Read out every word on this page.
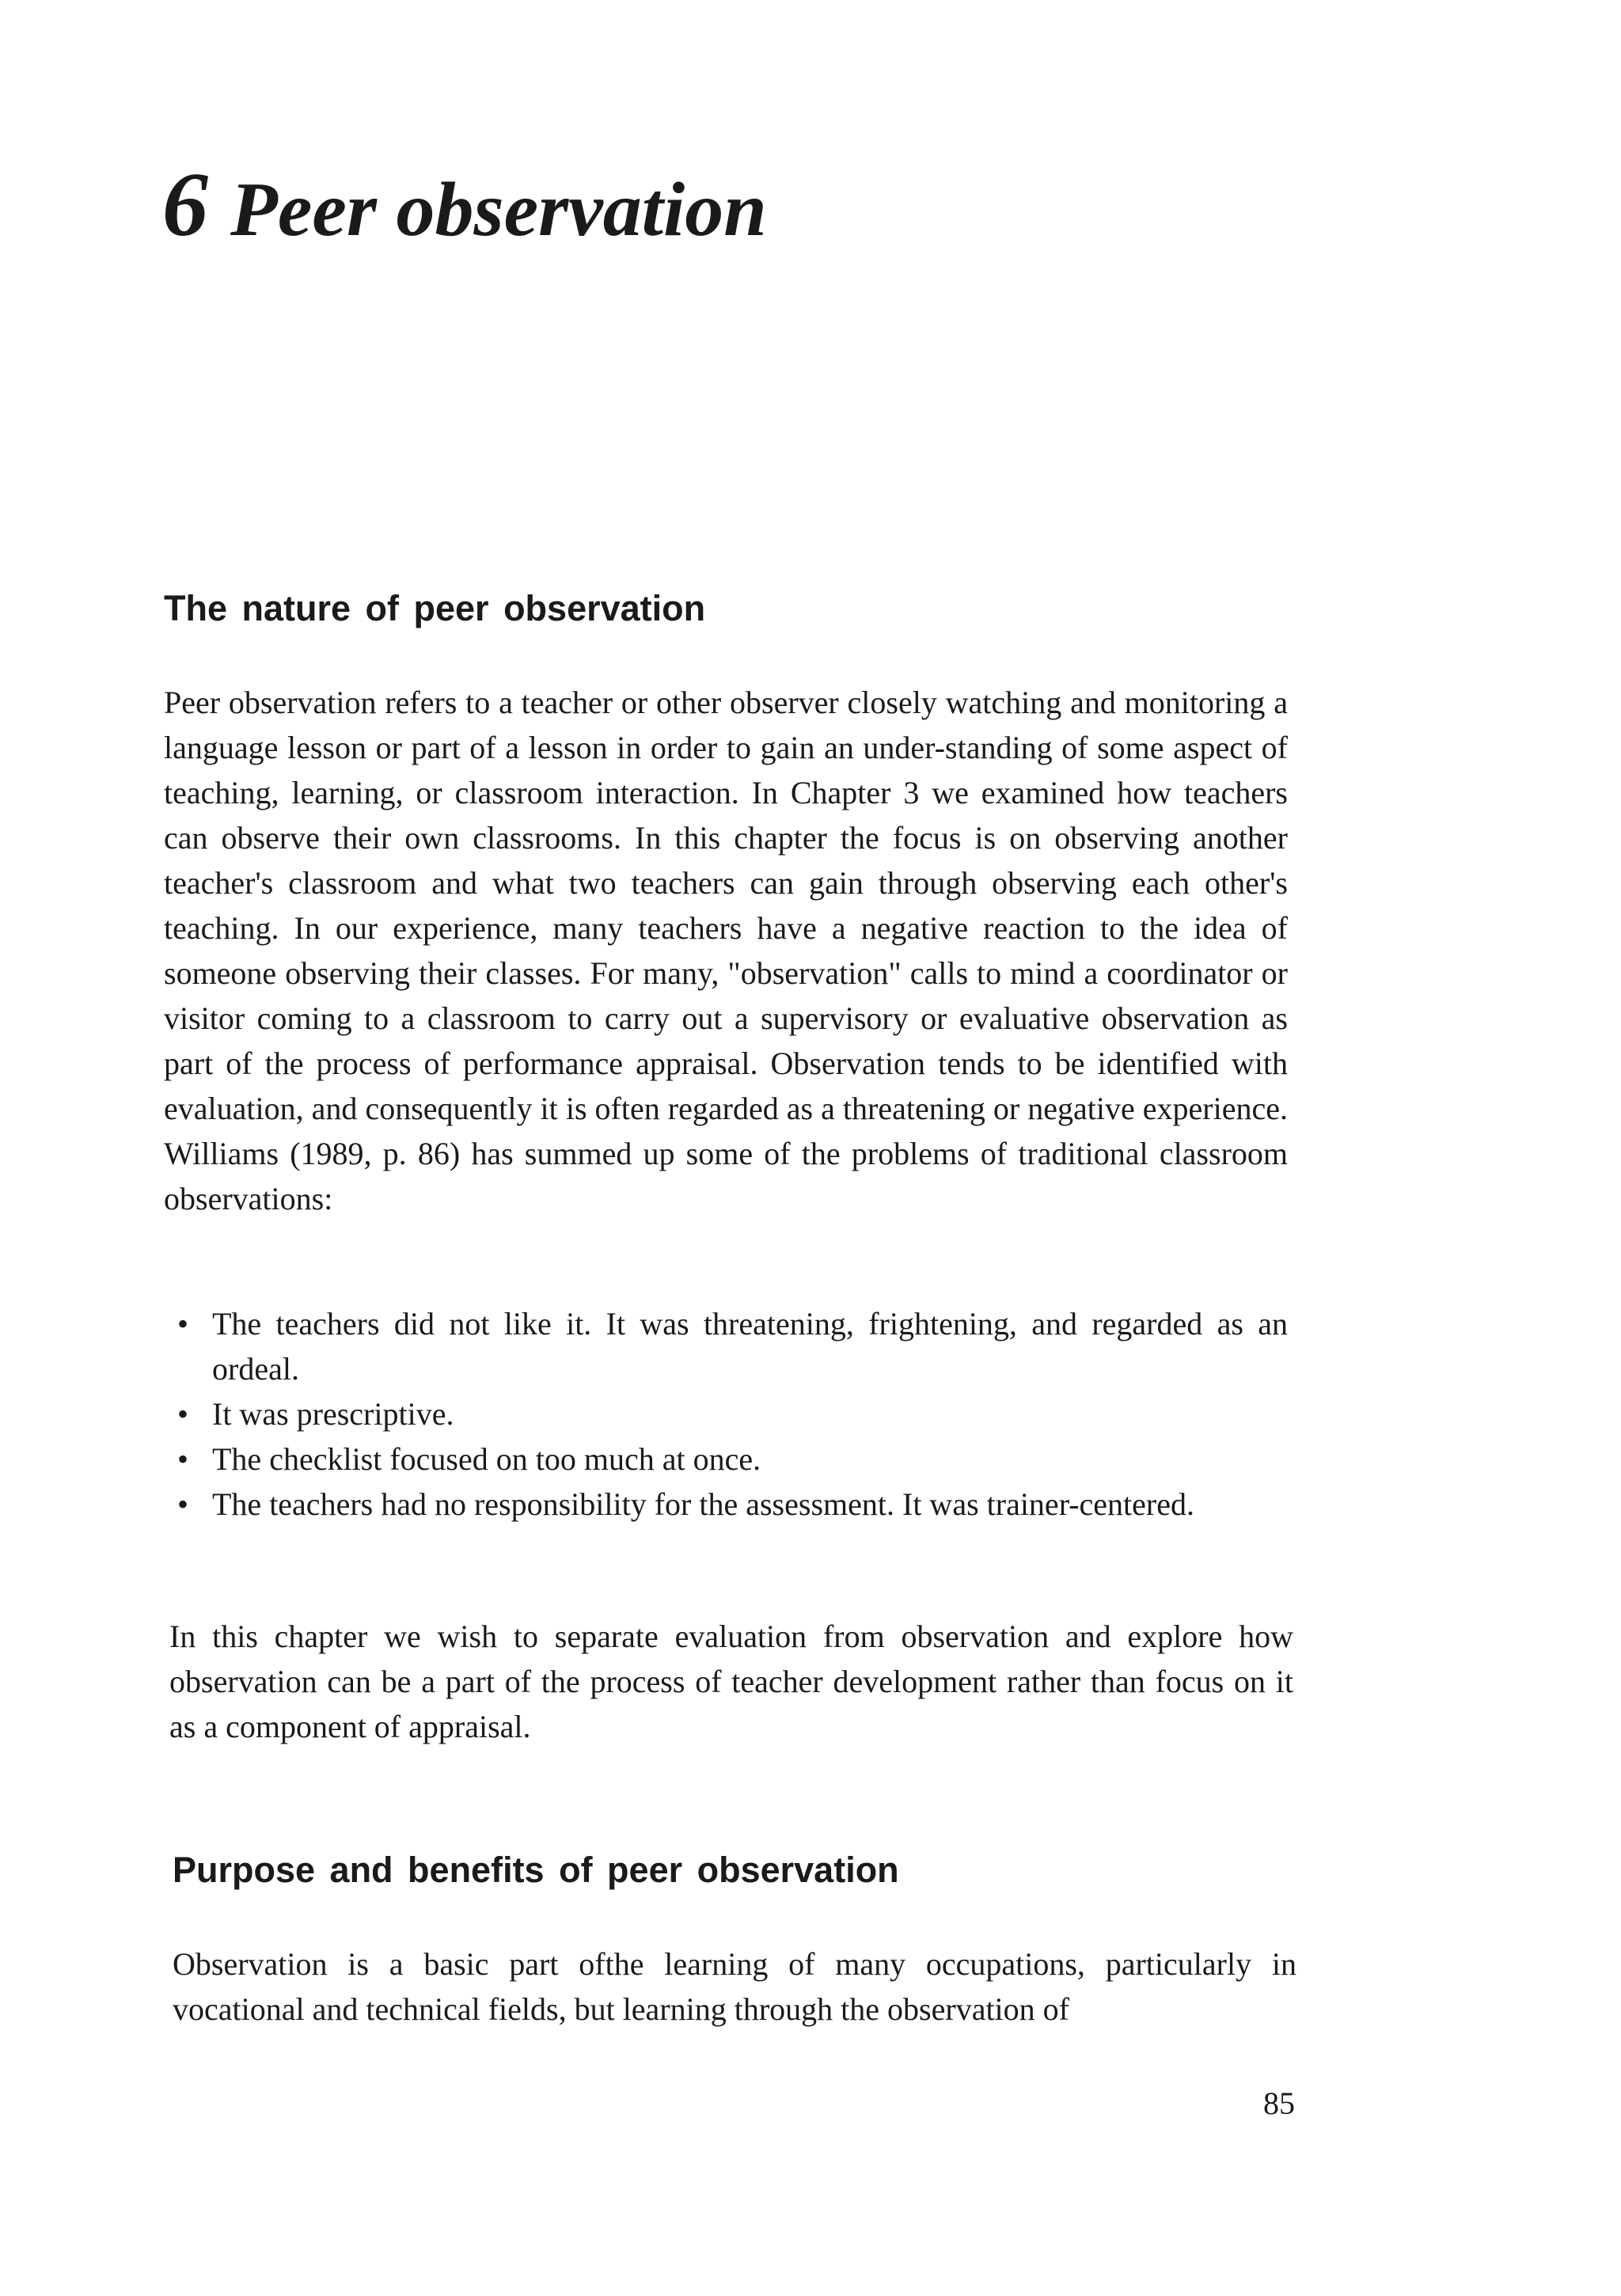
6 Peer observation
The nature of peer observation

Peer observation refers to a teacher or other observer closely watching and monitoring a language lesson or part of a lesson in order to gain an under-standing of some aspect of teaching, learning, or classroom interaction. In Chapter 3 we examined how teachers can observe their own classrooms. In this chapter the focus is on observing another teacher's classroom and what two teachers can gain through observing each other's teaching. In our experience, many teachers have a negative reaction to the idea of someone observing their classes. For many, "observation" calls to mind a coordinator or visitor coming to a classroom to carry out a supervisory or evaluative observation as part of the process of performance appraisal. Observation tends to be identified with evaluation, and consequently it is often regarded as a threatening or negative experience. Williams (1989, p. 86) has summed up some of the problems of traditional classroom observations:

• The teachers did not like it. It was threatening, frightening, and regarded as an ordeal.
• It was prescriptive.
• The checklist focused on too much at once.
• The teachers had no responsibility for the assessment. It was trainer-centered.

In this chapter we wish to separate evaluation from observation and explore how observation can be a part of the process of teacher development rather than focus on it as a component of appraisal.

Purpose and benefits of peer observation

Observation is a basic part ofthe learning of many occupations, particularly in vocational and technical fields, but learning through the observation of

85
